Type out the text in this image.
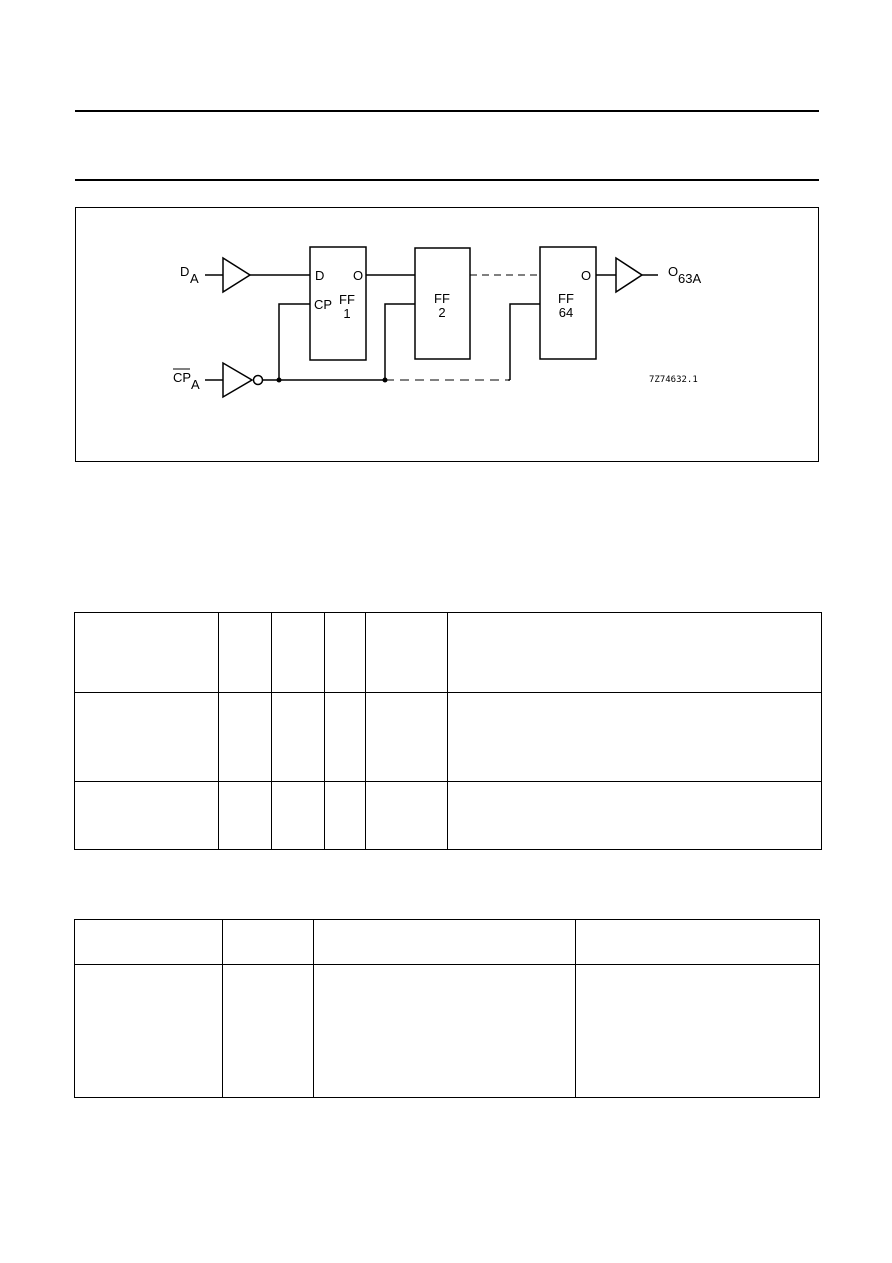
D A
CP A
O 63A
D O
CP FF
1
FF
2
O
FF
64
7Z74632.1
